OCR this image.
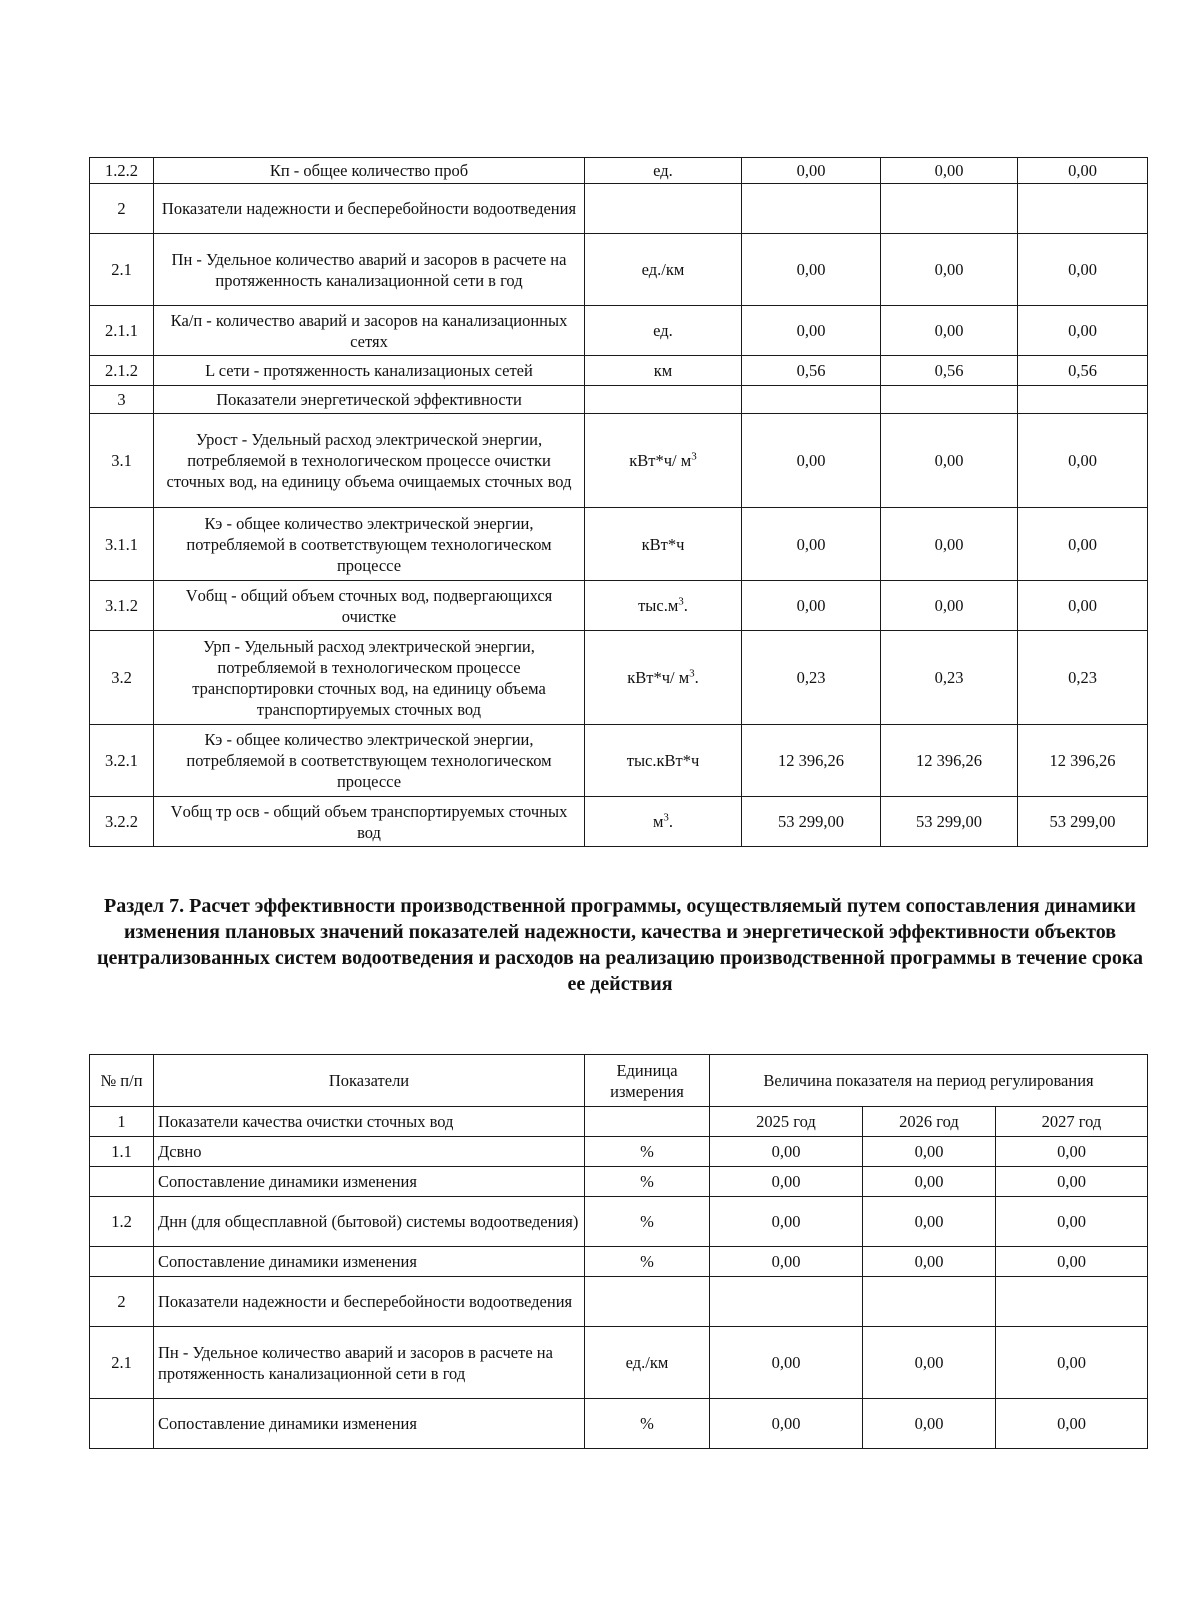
1.2.2	Кп - общее количество проб	ед.	0,00	0,00	0,00
2	Показатели надежности и бесперебойности водоотведения				
2.1	Пн - Удельное количество аварий и засоров в расчете на протяженность канализационной сети в год	ед./км	0,00	0,00	0,00
2.1.1	Ка/п - количество аварий и засоров на канализационных сетях	ед.	0,00	0,00	0,00
2.1.2	L сети - протяженность канализационых сетей	км	0,56	0,56	0,56
3	Показатели энергетической эффективности				
3.1	Урост - Удельный расход электрической энергии, потребляемой в технологическом процессе очистки сточных вод, на единицу объема очищаемых сточных вод	кВт*ч/ $м^3$	0,00	0,00	0,00
3.1.1	Кэ - общее количество электрической энергии, потребляемой в соответствующем технологическом процессе	кВт*ч	0,00	0,00	0,00
3.1.2	Vобщ - общий объем сточных вод, подвергающихся очистке	$тыс.м^3$.	0,00	0,00	0,00
3.2	Урп - Удельный расход электрической энергии, потребляемой в технологическом процессе транспортировки сточных вод, на единицу объема транспортируемых сточных вод	кВт*ч/ $м^3$.	0,23	0,23	0,23
3.2.1	Кэ - общее количество электрической энергии, потребляемой в соответствующем технологическом процессе	тыс.кВт*ч	12 396,26	12 396,26	12 396,26
3.2.2	Vобщ тр осв - общий объем транспортируемых сточных вод	$м^3$.	53 299,00	53 299,00	53 299,00
Раздел 7. Расчет эффективности производственной программы, осуществляемый путем сопоставления динамики изменения плановых значений показателей надежности, качества и энергетической эффективности объектов централизованных систем водоотведения и расходов на реализацию производственной программы в течение срока ее действия
№ п/п	Показатели	Единица измерения	Величина показателя на период регулирования		
1	Показатели качества очистки сточных вод		2025 год	2026 год	2027 год
1.1	Дсвно	%	0,00	0,00	0,00
	Сопоставление динамики изменения	%	0,00	0,00	0,00
1.2	Днн (для общесплавной (бытовой) системы водоотведения)	%	0,00	0,00	0,00
	Сопоставление динамики изменения	%	0,00	0,00	0,00
2	Показатели надежности и бесперебойности водоотведения				
2.1	Пн - Удельное количество аварий и засоров в расчете на протяженность канализационной сети в год	ед./км	0,00	0,00	0,00
	Сопоставление динамики изменения	%	0,00	0,00	0,00
